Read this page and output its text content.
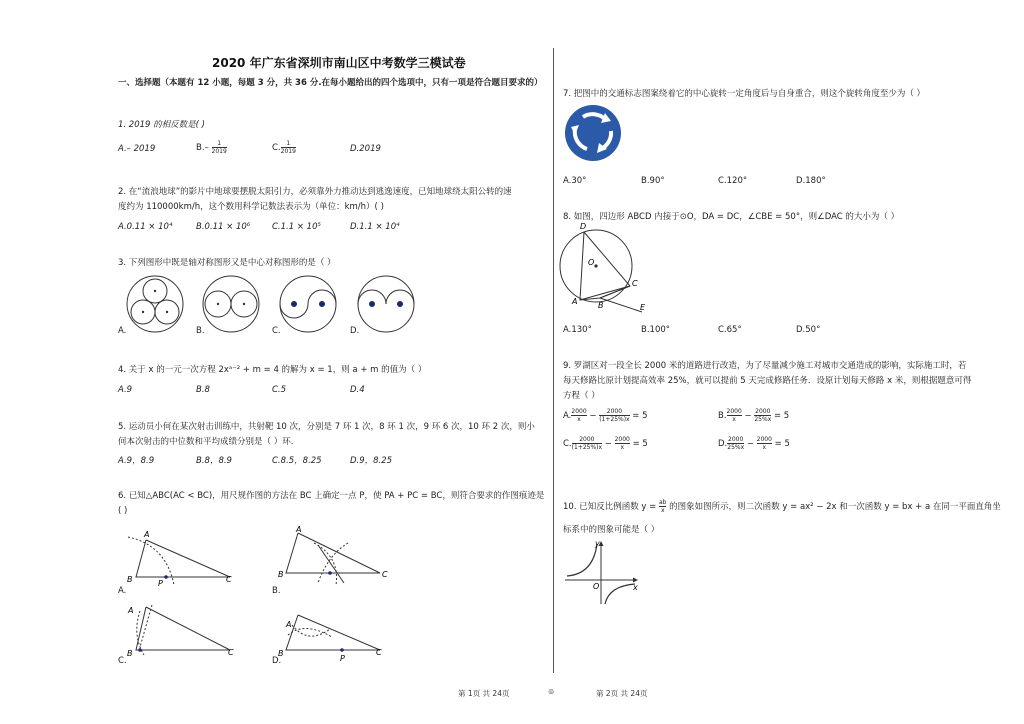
2020 年广东省深圳市南山区中考数学三模试卷
一、选择题（本题有 12 小题，每题 3 分，共 36 分.在每小题给出的四个选项中，只有一项是符合题目要求的）
1. 2019 的相反数是( )
A.– 2019	$B.- \frac{1}{2019}$	C. $\frac{1}{2019}$	D.2019
2. 在“流浪地球”的影片中地球要摆脱太阳引力，必须靠外力推动达到逃逸速度，已知地球绕太阳公转的速
度约为 110000km/h，这个数用科学记数法表示为（单位：km/h）( )
A.0.11 × 10⁴	B.0.11 × 10⁶	C.1.1 × 10⁵	D.1.1 × 10⁴
3. 下列图形中既是轴对称图形又是中心对称图形的是（ ）
A.	B.	C.	D.
4. 关于 x 的一元一次方程 2xᵃ⁻² + m = 4 的解为 x = 1，则 a + m 的值为（ ）
A.9	B.8	C.5	D.4
5. 运动员小何在某次射击训练中，共射靶 10 次，分别是 7 环 1 次，8 环 1 次，9 环 6 次，10 环 2 次，则小
何本次射击的中位数和平均成绩分别是（ ）环.
A.9，8.9	B.8，8.9	C.8.5，8.25	D.9，8.25
6. 已知△ABC(AC < BC)，用尺规作图的方法在 BC 上确定一点 P，使 PA + PC = BC，则符合要求的作图痕迹是
( )
A
B	P	C
A
B	C
A
B	C
A
B
P
C
A.	B.
C.	D.
7. 把图中的交通标志图案绕着它的中心旋转一定角度后与自身重合，则这个旋转角度至少为（ ）
A.30°	B.90°	C.120°	D.180°
8. 如图，四边形 ABCD 内接于⊙O，DA = DC，∠CBE = 50°，则∠DAC 的大小为（ ）
D
O
C
A	B	E
A.130°	B.100°	C.65°	D.50°
9. 罗湖区对一段全长 2000 米的道路进行改造，为了尽量减少施工对城市交通造成的影响，实际施工时，若
每天修路比原计划提高效率 25%，就可以提前 5 天完成修路任务．设原计划每天修路 x 米，则根据题意可得
方程（ ）
A. $\frac{2000}{x} - \frac{2000}{(1+25\%)x} = 5$	B. $\frac{2000}{x} - \frac{2000}{25\%x} = 5$
C. $\frac{2000}{(1+25\%)x} - \frac{2000}{x} = 5$	D. $\frac{2000}{25\%x} - \frac{2000}{x} = 5$
10. 已知反比例函数 $y = \frac{ab}{x}$ 的图象如图所示，则二次函数 y = ax² − 2x 和一次函数 y = bx + a 在同一平面直角坐
标系中的图象可能是（ ）
y
x
O
第 1页 共 24页	⊚	第 2页 共 24页
